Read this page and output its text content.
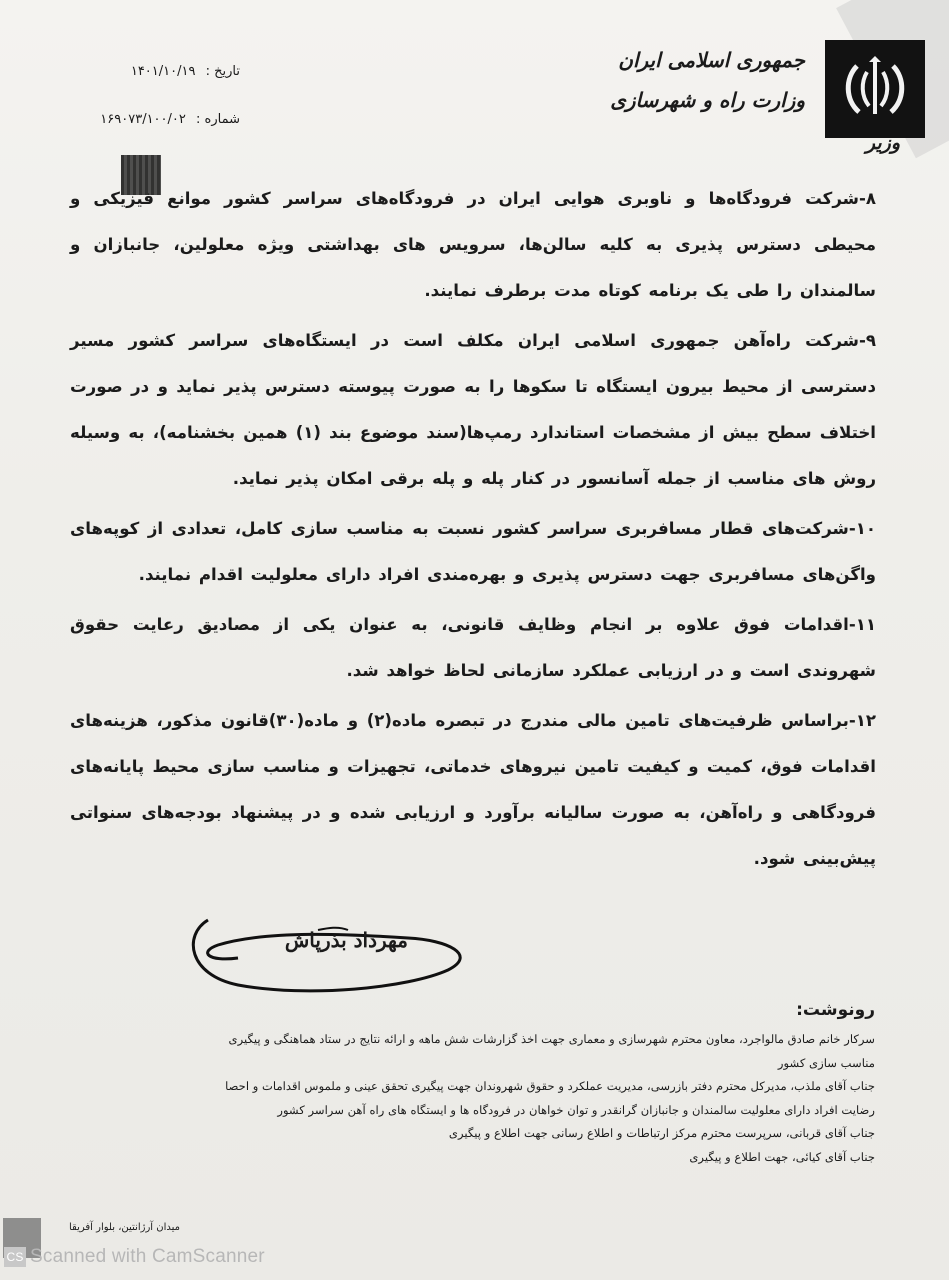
جمهوری اسلامی ایران
وزارت راه و شهرسازی
وزیر
تاریخ : ۱۴۰۱/۱۰/۱۹
شماره : ۱۶۹۰۷۳/۱۰۰/۰۲

۸-شرکت فرودگاه‌ها و ناوبری هوایی ایران در فرودگاه‌های سراسر کشور موانع فیزیکی و محیطی دسترس پذیری به کلیه سالن‌ها، سرویس های بهداشتی ویژه معلولین، جانبازان و سالمندان را طی یک برنامه کوتاه مدت برطرف نمایند.

۹-شرکت راه‌آهن جمهوری اسلامی ایران مکلف است در ایستگاه‌های سراسر کشور مسیر دسترسی از محیط بیرون ایستگاه تا سکوها را به صورت پیوسته دسترس پذیر نماید و در صورت اختلاف سطح بیش از مشخصات استاندارد رمپ‌ها(سند موضوع بند (۱) همین بخشنامه)، به وسیله روش های مناسب از جمله آسانسور در کنار پله و پله برقی امکان پذیر نماید.

۱۰-شرکت‌های قطار مسافربری سراسر کشور نسبت به مناسب سازی کامل، تعدادی از کوپه‌های واگن‌های مسافربری جهت دسترس پذیری و بهره‌مندی افراد دارای معلولیت اقدام نمایند.

۱۱-اقدامات فوق علاوه بر انجام وظایف قانونی، به عنوان یکی از مصادیق رعایت حقوق شهروندی است و در ارزیابی عملکرد سازمانی لحاظ خواهد شد.

۱۲-براساس ظرفیت‌های تامین مالی مندرج در تبصره ماده(۲) و ماده(۳۰)قانون مذکور، هزینه‌های اقدامات فوق، کمیت و کیفیت تامین نیروهای خدماتی، تجهیزات و مناسب سازی محیط پایانه‌های فرودگاهی و راه‌آهن، به صورت سالیانه برآورد و ارزیابی شده و در پیشنهاد بودجه‌های سنواتی پیش‌بینی شود.

مهرداد بذرپاش
رونوشت:
سرکار خانم صادق مالواجرد، معاون محترم شهرسازی و معماری جهت اخذ گزارشات شش ماهه و ارائه نتایج در ستاد هماهنگی و پیگیری
مناسب سازی کشور
جناب آقای ملذب، مدیرکل محترم دفتر بازرسی، مدیریت عملکرد و حقوق شهروندان جهت پیگیری تحقق عینی و ملموس اقدامات و احصا
رضایت افراد دارای معلولیت سالمندان و جانبازان گرانقدر و توان خواهان در فرودگاه ها و ایستگاه های راه آهن سراسر کشور
جناب آقای قربانی، سرپرست محترم مرکز ارتباطات و اطلاع رسانی جهت اطلاع و پیگیری
جناب آقای کیائی، جهت اطلاع و پیگیری
میدان آرژانتین، بلوار آفریقا
CS Scanned with CamScanner
